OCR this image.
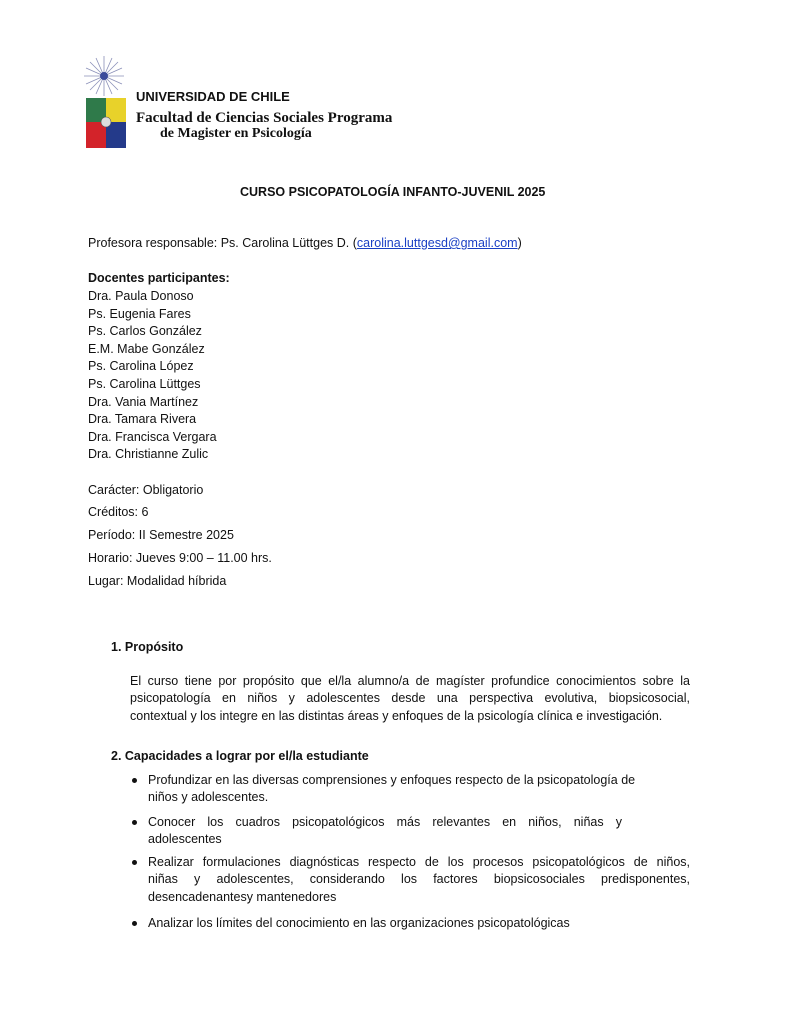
UNIVERSIDAD DE CHILE
Facultad de Ciencias Sociales Programa
de Magister en Psicología
CURSO PSICOPATOLOGÍA INFANTO-JUVENIL 2025
Profesora responsable: Ps. Carolina Lüttges D. (carolina.luttgesd@gmail.com)
Docentes participantes:
1. Propósito
2. Capacidades a lograr por el/la estudiante
Dra. Paula Donoso
Ps. Eugenia Fares
Ps. Carlos González
E.M. Mabe González
Ps. Carolina López
Ps. Carolina Lüttges
Dra. Vania Martínez
Dra. Tamara Rivera
Dra. Francisca Vergara
Dra. Christianne Zulic
Carácter: Obligatorio
Créditos: 6
Período: II Semestre 2025
Horario: Jueves 9:00 – 11.00 hrs.
Lugar: Modalidad híbrida
El curso tiene por propósito que el/la alumno/a de magíster profundice conocimientos sobre la
psicopatología en niños y adolescentes desde una perspectiva evolutiva, biopsicosocial,
contextual y los integre en las distintas áreas y enfoques de la psicología clínica e investigación.
Profundizar en las diversas comprensiones y enfoques respecto de la psicopatología de
niños y adolescentes.
Conocer los cuadros psicopatológicos más relevantes en niños, niñas y
adolescentes
Realizar formulaciones diagnósticas respecto de los procesos psicopatológicos de niños,
niñas y adolescentes, considerando los factores biopsicosociales predisponentes,
desencadenantesy mantenedores
Analizar los límites del conocimiento en las organizaciones psicopatológicas
